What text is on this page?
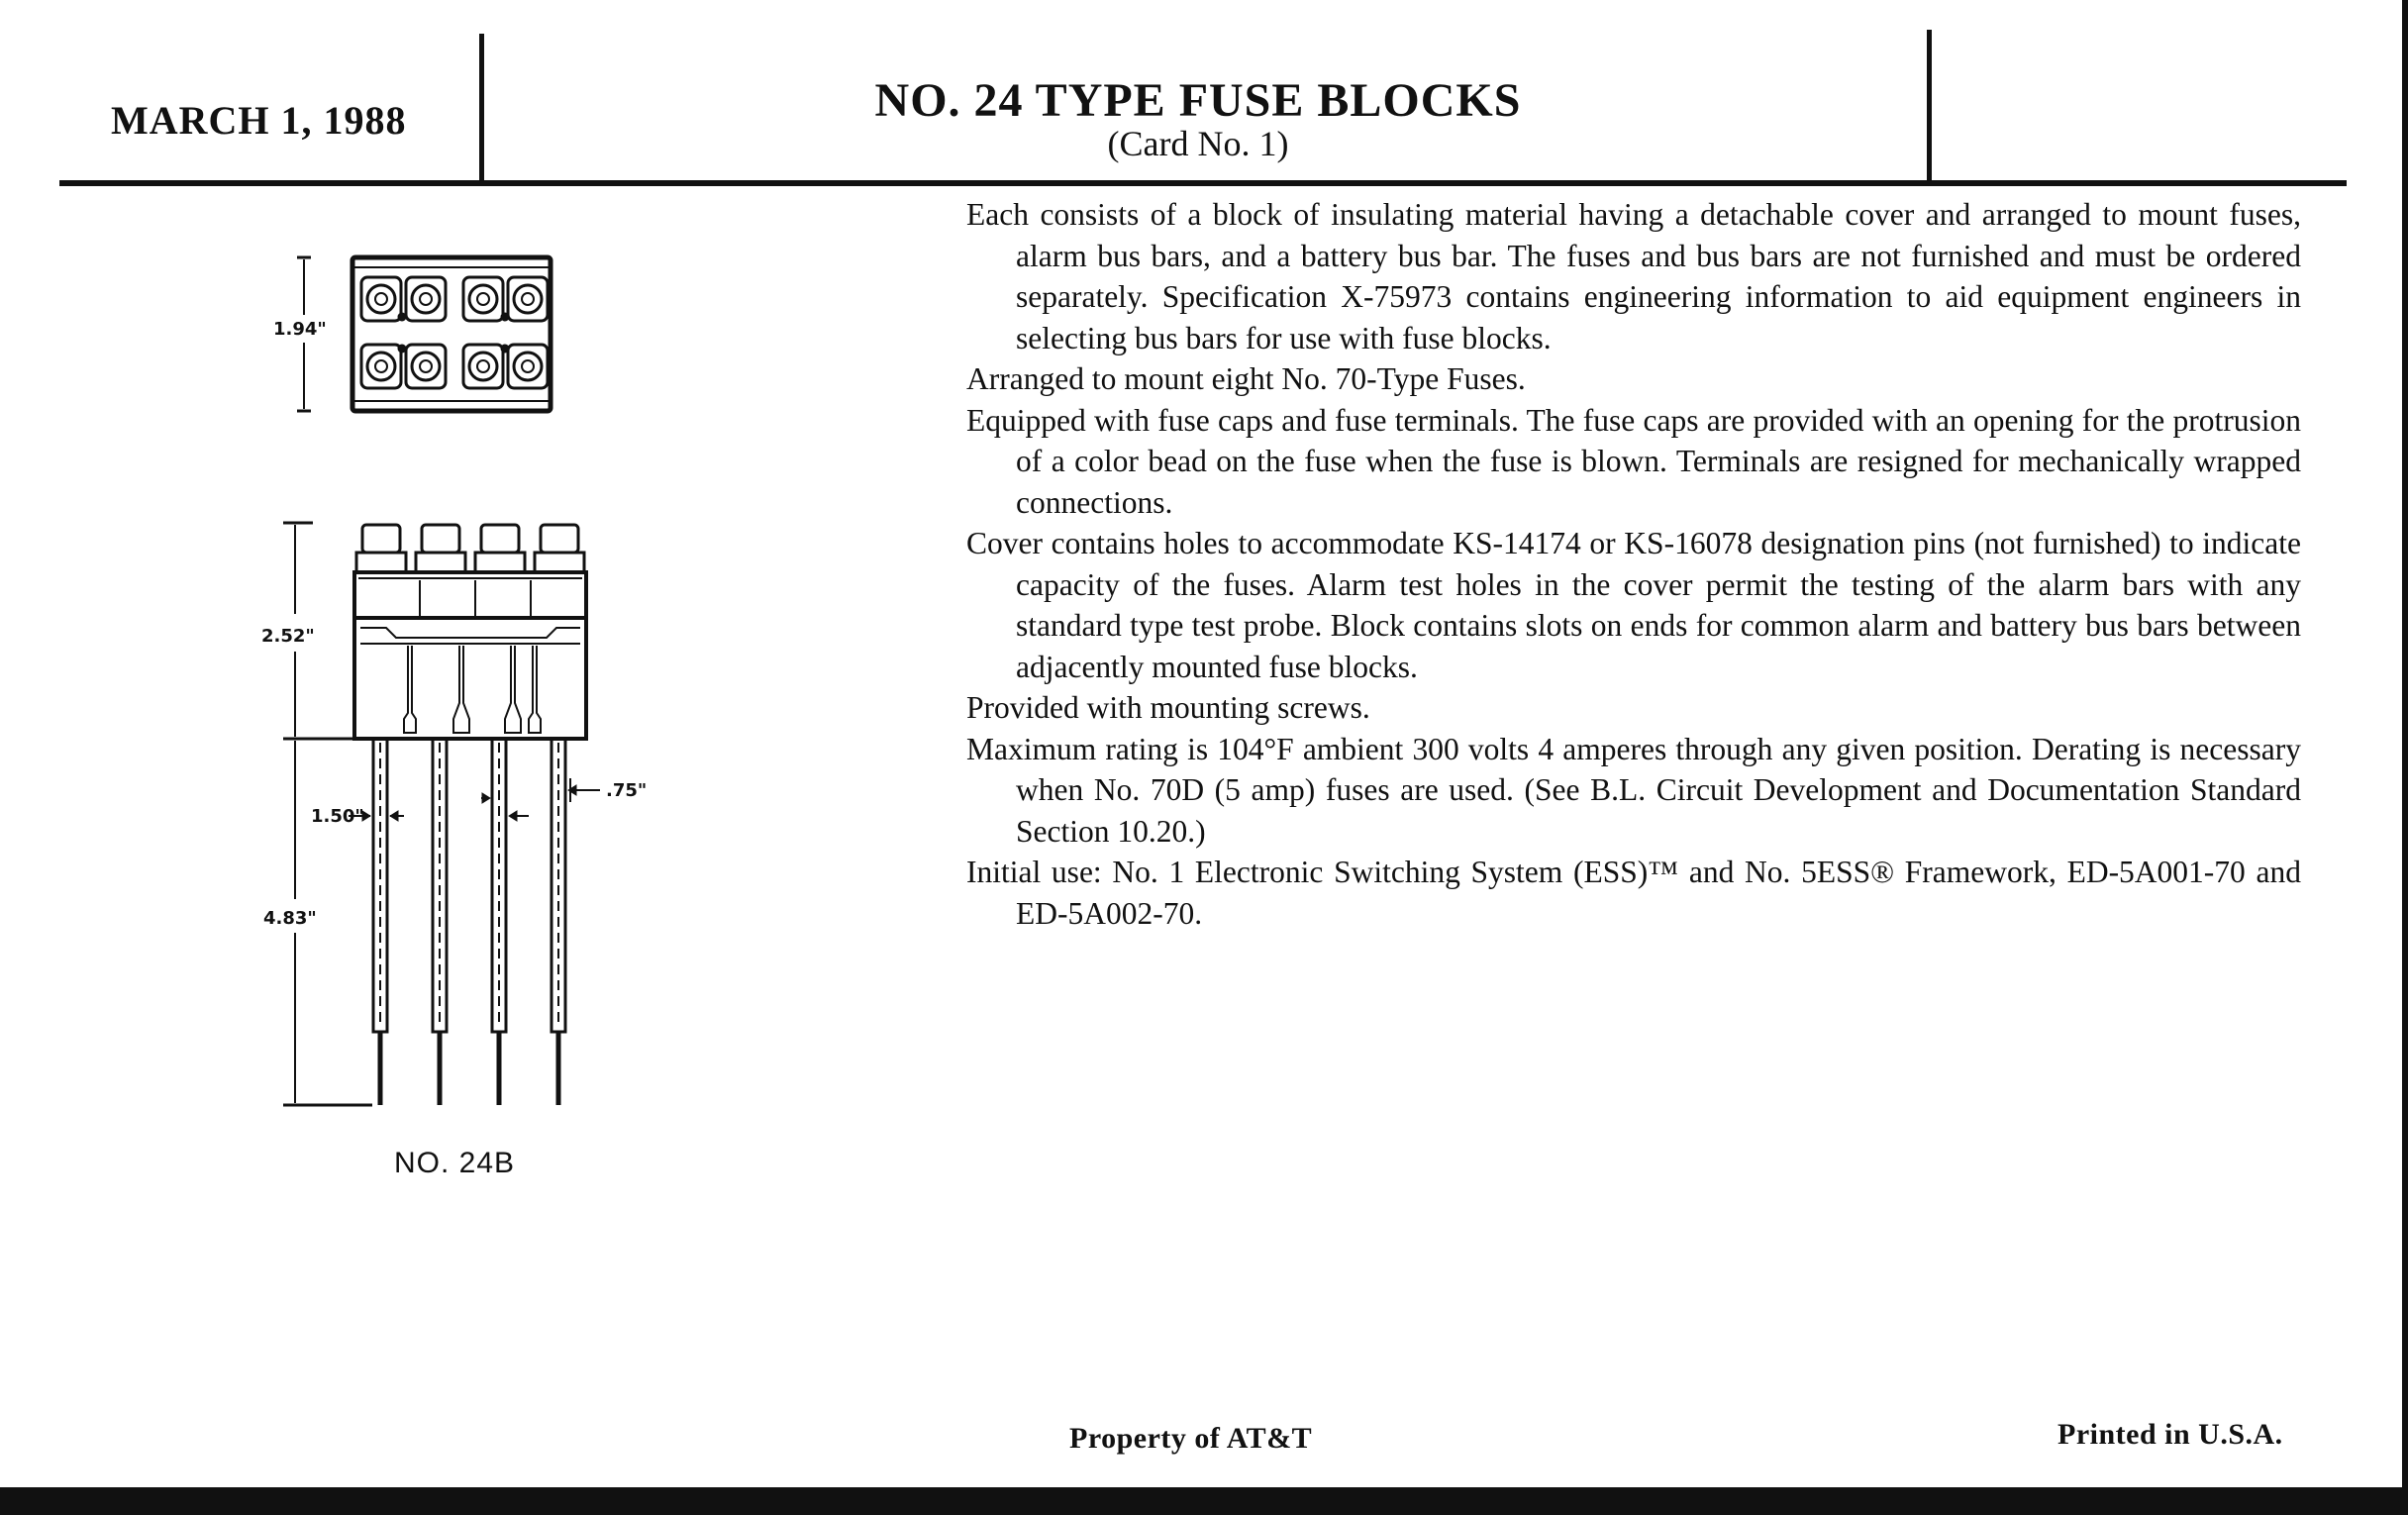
MARCH 1, 1988	NO. 24 TYPE FUSE BLOCKS
(Card No. 1)
1.94"
2.52"
1.50"
.75"
4.83"
NO. 24B

Each consists of a block of insulating material having a detachable cover and arranged to mount fuses, alarm bus bars, and a battery bus bar. The fuses and bus bars are not furnished and must be ordered separately. Specification X-75973 contains engineering information to aid equipment engineers in selecting bus bars for use with fuse blocks.

Arranged to mount eight No. 70-Type Fuses.

Equipped with fuse caps and fuse terminals. The fuse caps are provided with an opening for the protrusion of a color bead on the fuse when the fuse is blown. Terminals are resigned for mechanically wrapped connections.

Cover contains holes to accommodate KS-14174 or KS-16078 designation pins (not furnished) to indicate capacity of the fuses. Alarm test holes in the cover permit the testing of the alarm bars with any standard type test probe. Block contains slots on ends for common alarm and battery bus bars between adjacently mounted fuse blocks.

Provided with mounting screws.

Maximum rating is 104°F ambient 300 volts 4 amperes through any given position. Derating is necessary when No. 70D (5 amp) fuses are used. (See B.L. Circuit Development and Documentation Standard Section 10.20.)

Initial use: No. 1 Electronic Switching System (ESS)™ and No. 5ESS® Framework, ED-5A001-70 and ED-5A002-70.

Property of AT&T	Printed in U.S.A.
